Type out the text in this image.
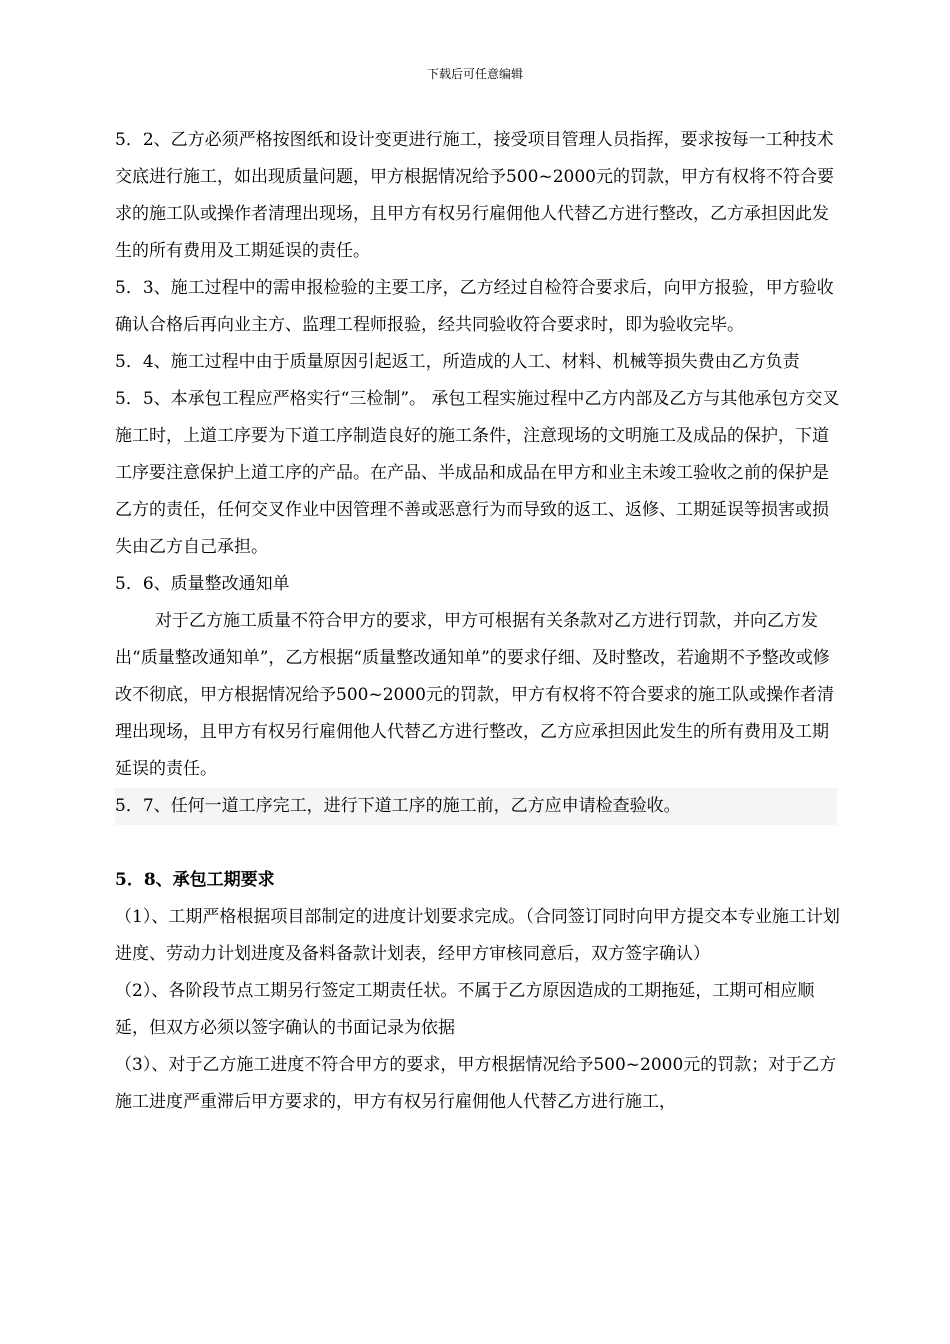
下载后可任意编辑

5．2、乙方必须严格按图纸和设计变更进行施工，接受项目管理人员指挥，要求按每一工种技术交底进行施工，如出现质量问题，甲方根据情况给予500~2000元的罚款，甲方有权将不符合要求的施工队或操作者清理出现场，且甲方有权另行雇佣他人代替乙方进行整改，乙方承担因此发生的所有费用及工期延误的责任。

5．3、施工过程中的需申报检验的主要工序，乙方经过自检符合要求后，向甲方报验，甲方验收确认合格后再向业主方、监理工程师报验，经共同验收符合要求时，即为验收完毕。

5．4、施工过程中由于质量原因引起返工，所造成的人工、材料、机械等损失费由乙方负责

5．5、本承包工程应严格实行“三检制”。 承包工程实施过程中乙方内部及乙方与其他承包方交叉施工时，上道工序要为下道工序制造良好的施工条件，注意现场的文明施工及成品的保护，下道工序要注意保护上道工序的产品。在产品、半成品和成品在甲方和业主未竣工验收之前的保护是乙方的责任，任何交叉作业中因管理不善或恶意行为而导致的返工、返修、工期延误等损害或损失由乙方自己承担。

5．6、质量整改通知单

对于乙方施工质量不符合甲方的要求，甲方可根据有关条款对乙方进行罚款，并向乙方发出“质量整改通知单”，乙方根据“质量整改通知单”的要求仔细、及时整改，若逾期不予整改或修改不彻底，甲方根据情况给予500~2000元的罚款，甲方有权将不符合要求的施工队或操作者清理出现场，且甲方有权另行雇佣他人代替乙方进行整改，乙方应承担因此发生的所有费用及工期延误的责任。

5．7、任何一道工序完工，进行下道工序的施工前，乙方应申请检查验收。

5．8、承包工期要求

（1）、工期严格根据项目部制定的进度计划要求完成。（合同签订同时向甲方提交本专业施工计划进度、劳动力计划进度及备料备款计划表，经甲方审核同意后，双方签字确认）

（2）、各阶段节点工期另行签定工期责任状。不属于乙方原因造成的工期拖延，工期可相应顺延，但双方必须以签字确认的书面记录为依据

（3）、对于乙方施工进度不符合甲方的要求，甲方根据情况给予500~2000元的罚款；对于乙方施工进度严重滞后甲方要求的，甲方有权另行雇佣他人代替乙方进行施工，
